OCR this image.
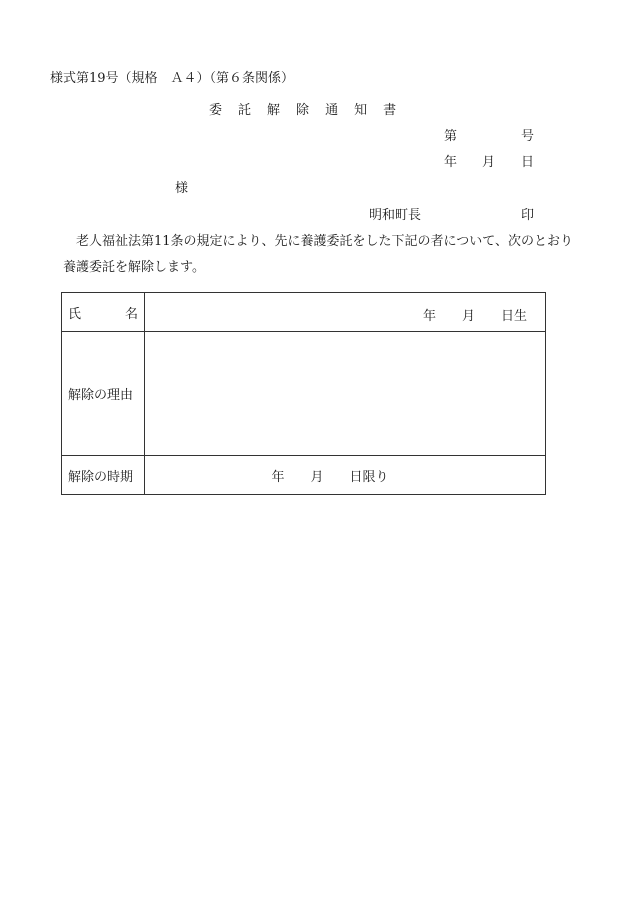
様式第19号（規格　Ａ４）（第６条関係）
委 託 解 除 通 知 書
第	号
年 月 日
様
明和町長	印
老人福祉法第11条の規定により、先に養護委託をした下記の者について、次のとおり
養護委託を解除します。
氏 名	年 月 日生

解除の理由	
解除の時期	年 月 日限り
